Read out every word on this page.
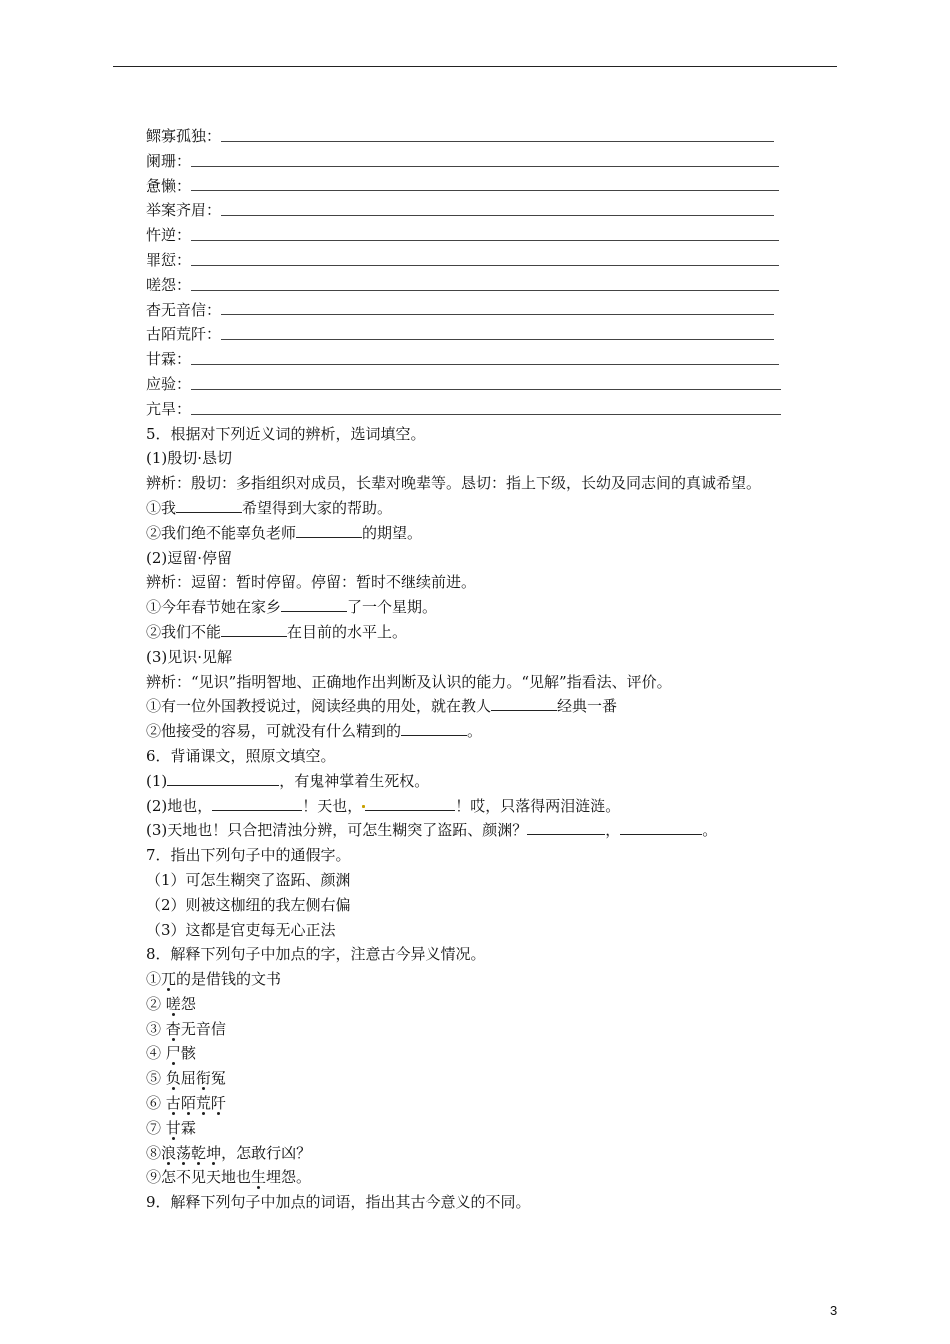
鳏寡孤独：
阑珊：
惫懒：
举案齐眉：
忤逆：
罪愆：
嗟怨：
杳无音信：
古陌荒阡：
甘霖：
应验：
亢旱：
5．根据对下列近义词的辨析，选词填空。
(1)殷切·恳切
辨析：殷切：多指组织对成员，长辈对晚辈等。恳切：指上下级，长幼及同志间的真诚希望。
①我	希望得到大家的帮助。
②我们绝不能辜负老师	的期望。
(2)逗留·停留
辨析：逗留：暂时停留。停留：暂时不继续前进。
①今年春节她在家乡	了一个星期。
②我们不能	在目前的水平上。
(3)见识·见解
辨析：“见识”指明智地、正确地作出判断及认识的能力。“见解”指看法、评价。
①有一位外国教授说过，阅读经典的用处，就在教人	经典一番
②他接受的容易，可就没有什么精到的	。
6．背诵课文，照原文填空。
(1)	，有鬼神掌着生死权。
(2)地也，	！天也，	！哎，只落得两泪涟涟。
(3)天地也！只合把清浊分辨，可怎生糊突了盗跖、颜渊？	，	。
7．指出下列句子中的通假字。
（1）可怎生糊突了盗跖、颜渊
（2）则被这枷纽的我左侧右偏
（3）这都是官吏每无心正法
8．解释下列句子中加点的字，注意古今异义情况。
①兀的是借钱的文书
② 嗟怨
③ 杳无音信
④ 尸骸
⑤ 负屈衔冤
⑥ 古陌荒阡
⑦ 甘霖
⑧浪荡乾坤，怎敢行凶？
⑨怎不见天地也生埋怨。
9．解释下列句子中加点的词语，指出其古今意义的不同。
3
